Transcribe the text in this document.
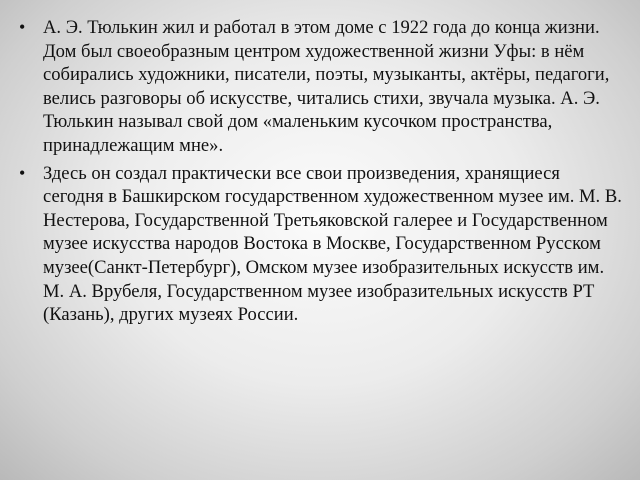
• А. Э. Тюлькин жил и работал в этом доме с 1922 года до конца жизни. Дом был своеобразным центром художественной жизни Уфы: в нём собирались художники, писатели, поэты, музыканты, актёры, педагоги, велись разговоры об искусстве, читались стихи, звучала музыка. А. Э. Тюлькин называл свой дом «маленьким кусочком пространства, принадлежащим мне».
• Здесь он создал практически все свои произведения, хранящиеся сегодня в Башкирском государственном художественном музее им. М. В. Нестерова, Государственной Третьяковской галерее и Государственном музее искусства народов Востока в Москве, Государственном Русском музее(Санкт-Петербург), Омском музее изобразительных искусств им. М. А. Врубеля, Государственном музее изобразительных искусств РТ (Казань), других музеях России.
